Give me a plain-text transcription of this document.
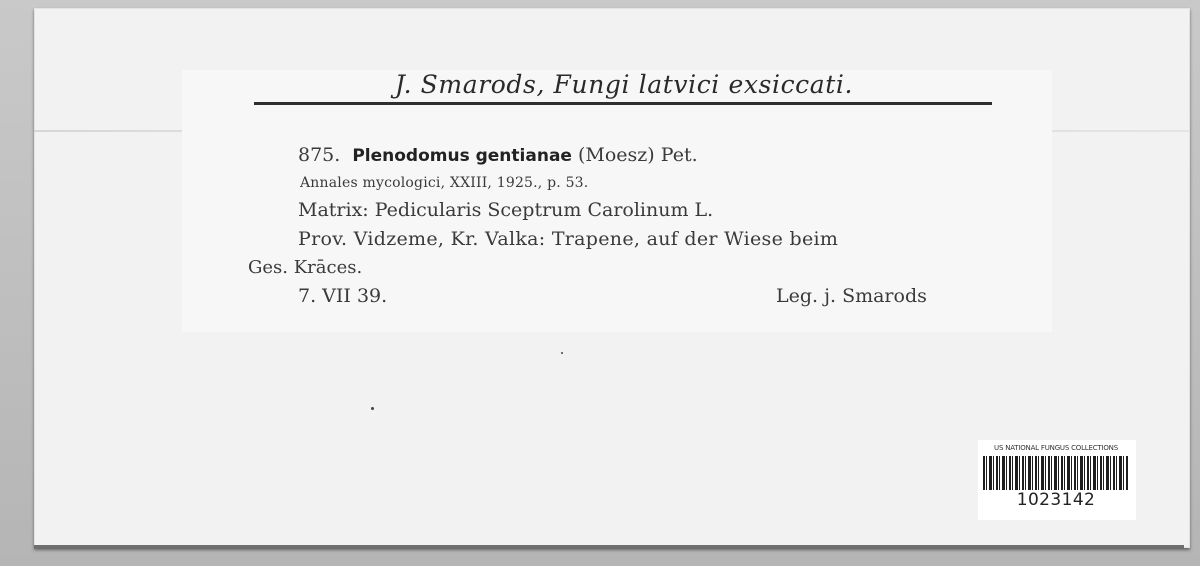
J. Smarods, Fungi latvici exsiccati.
875. Plenodomus gentianae (Moesz) Pet.
Annales mycologici, XXIII, 1925., p. 53.
Matrix: Pedicularis Sceptrum Carolinum L.
Prov. Vidzeme, Kr. Valka: Trapene, auf der Wiese beim
Ges. Krāces.
7. VII 39.	Leg. j. Smarods
US NATIONAL FUNGUS COLLECTIONS
1023142
